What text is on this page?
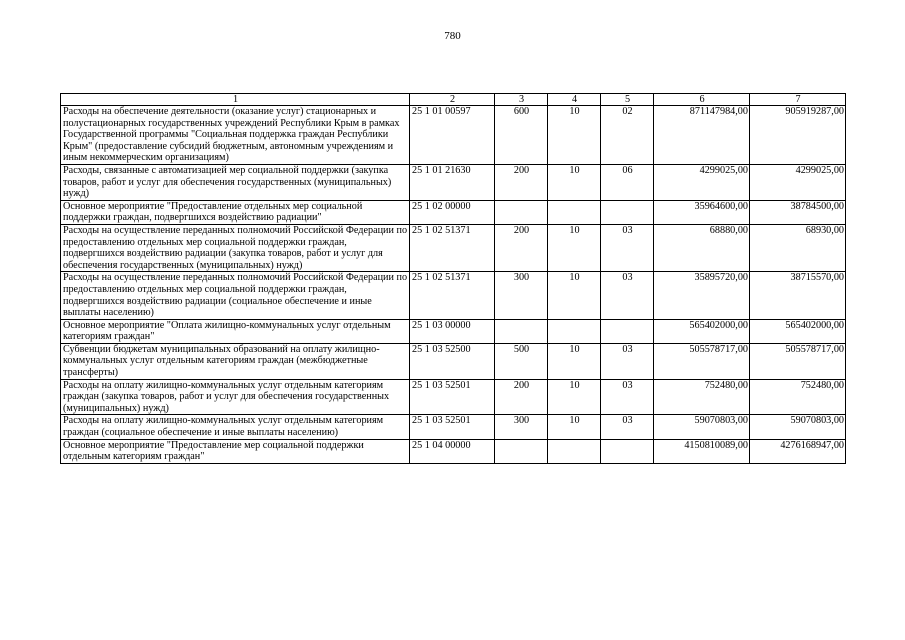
780
1	2	3	4	5	6	7
Расходы на обеспечение деятельности (оказание услуг) стационарных и полустационарных государственных учреждений Республики Крым в рамках Государственной программы "Социальная поддержка граждан Республики Крым" (предоставление субсидий бюджетным, автономным учреждениям и иным некоммерческим организациям)	25 1 01 00597	600	10	02	871147984,00	905919287,00
Расходы, связанные с автоматизацией мер социальной поддержки (закупка товаров, работ и услуг для обеспечения государственных (муниципальных) нужд)	25 1 01 21630	200	10	06	4299025,00	4299025,00
Основное мероприятие "Предоставление отдельных мер социальной поддержки граждан, подвергшихся воздействию радиации"	25 1 02 00000				35964600,00	38784500,00
Расходы на осуществление переданных полномочий Российской Федерации по предоставлению отдельных мер социальной поддержки граждан, подвергшихся воздействию радиации (закупка товаров, работ и услуг для обеспечения государственных (муниципальных) нужд)	25 1 02 51371	200	10	03	68880,00	68930,00
Расходы на осуществление переданных полномочий Российской Федерации по предоставлению отдельных мер социальной поддержки граждан, подвергшихся воздействию радиации (социальное обеспечение и иные выплаты населению)	25 1 02 51371	300	10	03	35895720,00	38715570,00
Основное мероприятие "Оплата жилищно-коммунальных услуг отдельным категориям граждан"	25 1 03 00000				565402000,00	565402000,00
Субвенции бюджетам муниципальных образований на оплату жилищно-коммунальных услуг отдельным категориям граждан (межбюджетные трансферты)	25 1 03 52500	500	10	03	505578717,00	505578717,00
Расходы на оплату жилищно-коммунальных услуг отдельным категориям граждан (закупка товаров, работ и услуг для обеспечения государственных (муниципальных) нужд)	25 1 03 52501	200	10	03	752480,00	752480,00
Расходы на оплату жилищно-коммунальных услуг отдельным категориям граждан (социальное обеспечение и иные выплаты населению)	25 1 03 52501	300	10	03	59070803,00	59070803,00
Основное мероприятие "Предоставление мер социальной поддержки отдельным категориям граждан"	25 1 04 00000				4150810089,00	4276168947,00
